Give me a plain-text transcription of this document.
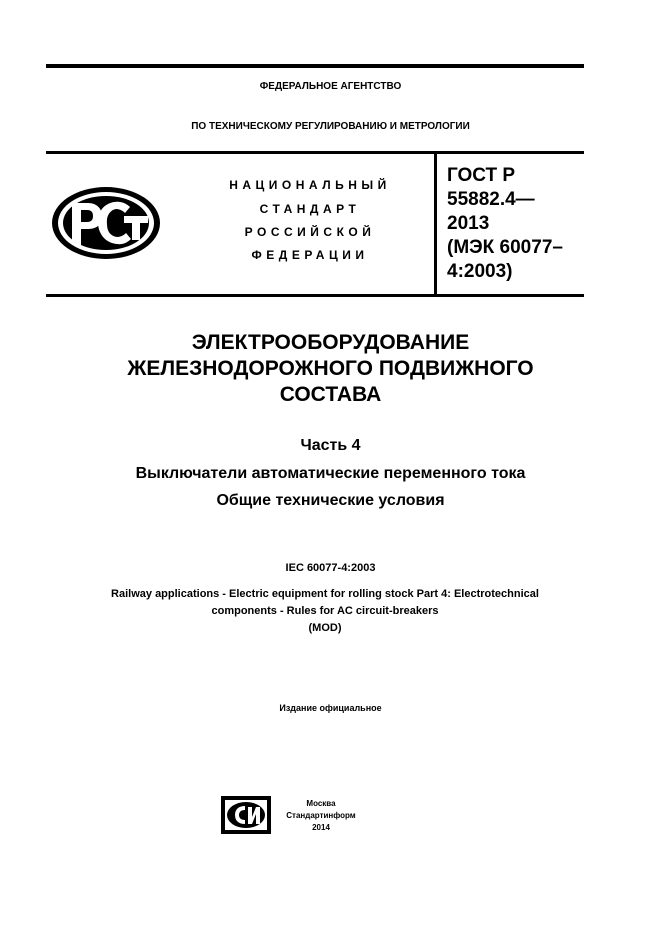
ФЕДЕРАЛЬНОЕ АГЕНТСТВО
ПО ТЕХНИЧЕСКОМУ РЕГУЛИРОВАНИЮ И МЕТРОЛОГИИ
НАЦИОНАЛЬНЫЙ
СТАНДАРТ
РОССИЙСКОЙ
ФЕДЕРАЦИИ
ГОСТ Р
55882.4—
2013
(МЭК 60077–
4:2003)
ЭЛЕКТРООБОРУДОВАНИЕ
ЖЕЛЕЗНОДОРОЖНОГО ПОДВИЖНОГО
СОСТАВА
Часть 4
Выключатели автоматические переменного тока
Общие технические условия
IEC 60077-4:2003
Railway applications - Electric equipment for rolling stock Part 4: Electrotechnical
components - Rules for AC circuit-breakers
(MOD)
Издание официальное
Москва
Стандартинформ
2014
